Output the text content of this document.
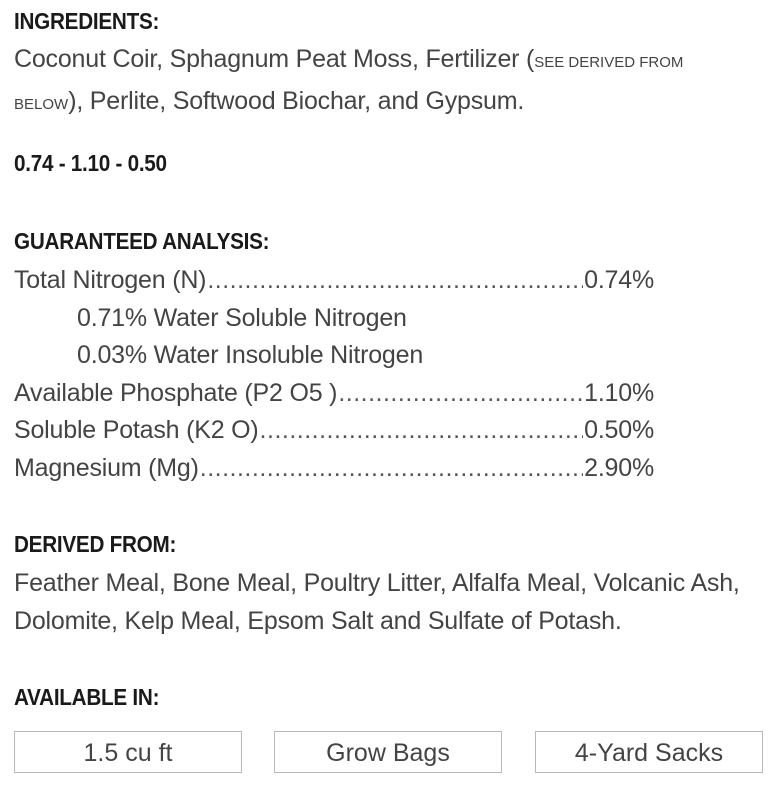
INGREDIENTS:
Coconut Coir, Sphagnum Peat Moss, Fertilizer (SEE DERIVED FROM BELOW), Perlite, Softwood Biochar, and Gypsum.
0.74 - 1.10 - 0.50
GUARANTEED ANALYSIS:
Total Nitrogen (N) .....	0.74%
0.71% Water Soluble Nitrogen
0.03% Water Insoluble Nitrogen
Available Phosphate (P2 O5 ) .....	1.10%
Soluble Potash (K2 O) .....	0.50%
Magnesium (Mg) .....	2.90%
DERIVED FROM:
Feather Meal, Bone Meal, Poultry Litter, Alfalfa Meal, Volcanic Ash, Dolomite, Kelp Meal, Epsom Salt and Sulfate of Potash.
AVAILABLE IN:
1.5 cu ft	Grow Bags	4-Yard Sacks
